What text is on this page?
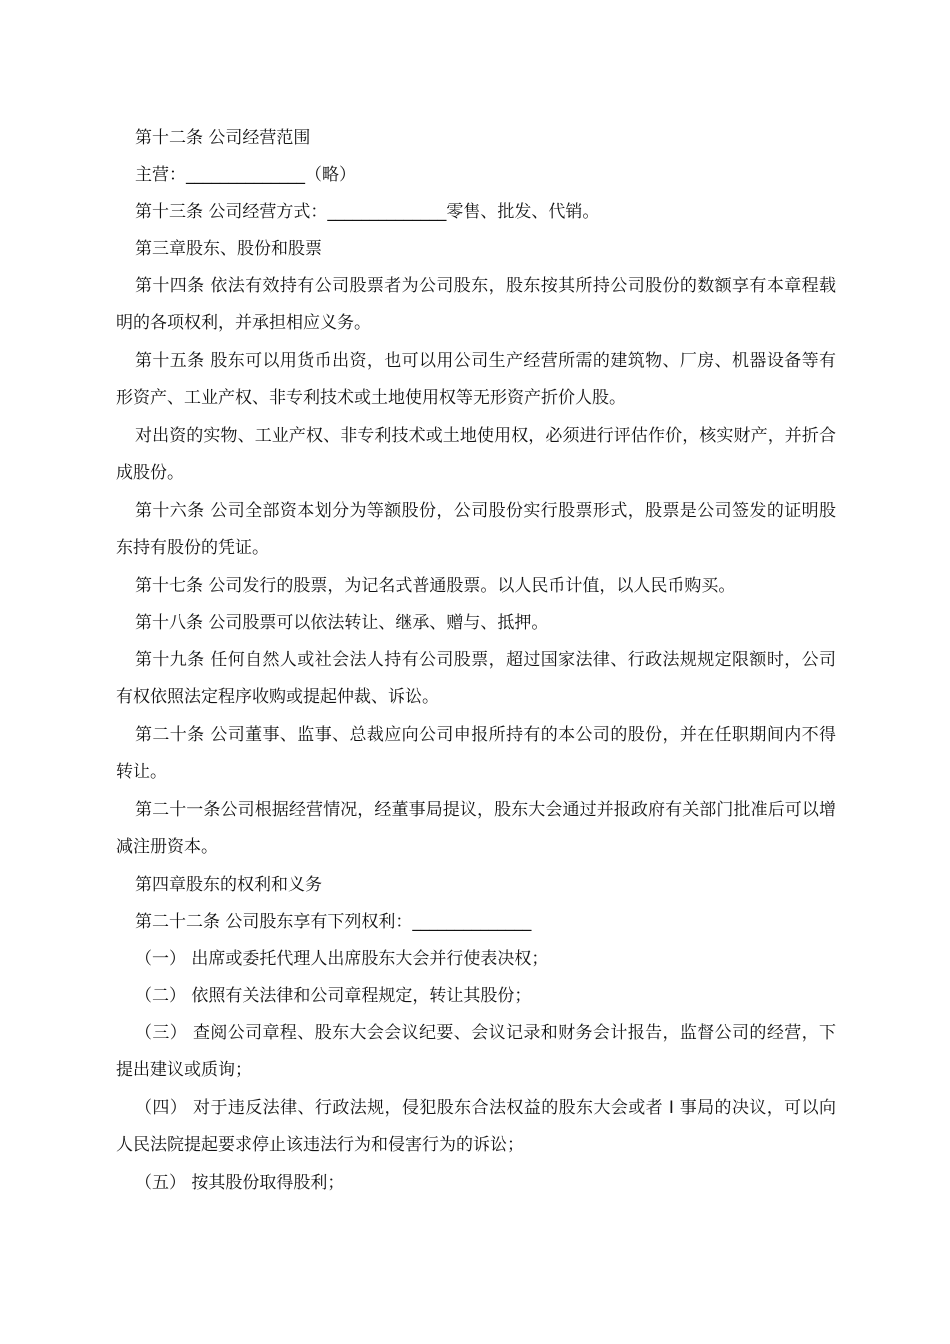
第十二条 公司经营范围

主营：______________（略）

第十三条 公司经营方式：______________零售、批发、代销。

第三章股东、股份和股票

第十四条 依法有效持有公司股票者为公司股东，股东按其所持公司股份的数额享有本章程载明的各项权利，并承担相应义务。

第十五条 股东可以用货币出资，也可以用公司生产经营所需的建筑物、厂房、机器设备等有形资产、工业产权、非专利技术或土地使用权等无形资产折价人股。

对出资的实物、工业产权、非专利技术或土地使用权，必须进行评估作价，核实财产，并折合成股份。

第十六条 公司全部资本划分为等额股份，公司股份实行股票形式，股票是公司签发的证明股东持有股份的凭证。

第十七条 公司发行的股票，为记名式普通股票。以人民币计值，以人民币购买。

第十八条 公司股票可以依法转让、继承、赠与、抵押。

第十九条 任何自然人或社会法人持有公司股票，超过国家法律、行政法规规定限额时，公司有权依照法定程序收购或提起仲裁、诉讼。

第二十条 公司董事、监事、总裁应向公司申报所持有的本公司的股份，并在任职期间内不得转让。

第二十一条公司根据经营情况，经董事局提议，股东大会通过并报政府有关部门批准后可以增减注册资本。

第四章股东的权利和义务

第二十二条 公司股东享有下列权利：______________

（一） 出席或委托代理人出席股东大会并行使表决权；

（二） 依照有关法律和公司章程规定，转让其股份；

（三） 查阅公司章程、股东大会会议纪要、会议记录和财务会计报告，监督公司的经营，下提出建议或质询；

（四） 对于违反法律、行政法规，侵犯股东合法权益的股东大会或者 I 事局的决议，可以向人民法院提起要求停止该违法行为和侵害行为的诉讼；

（五） 按其股份取得股利；
